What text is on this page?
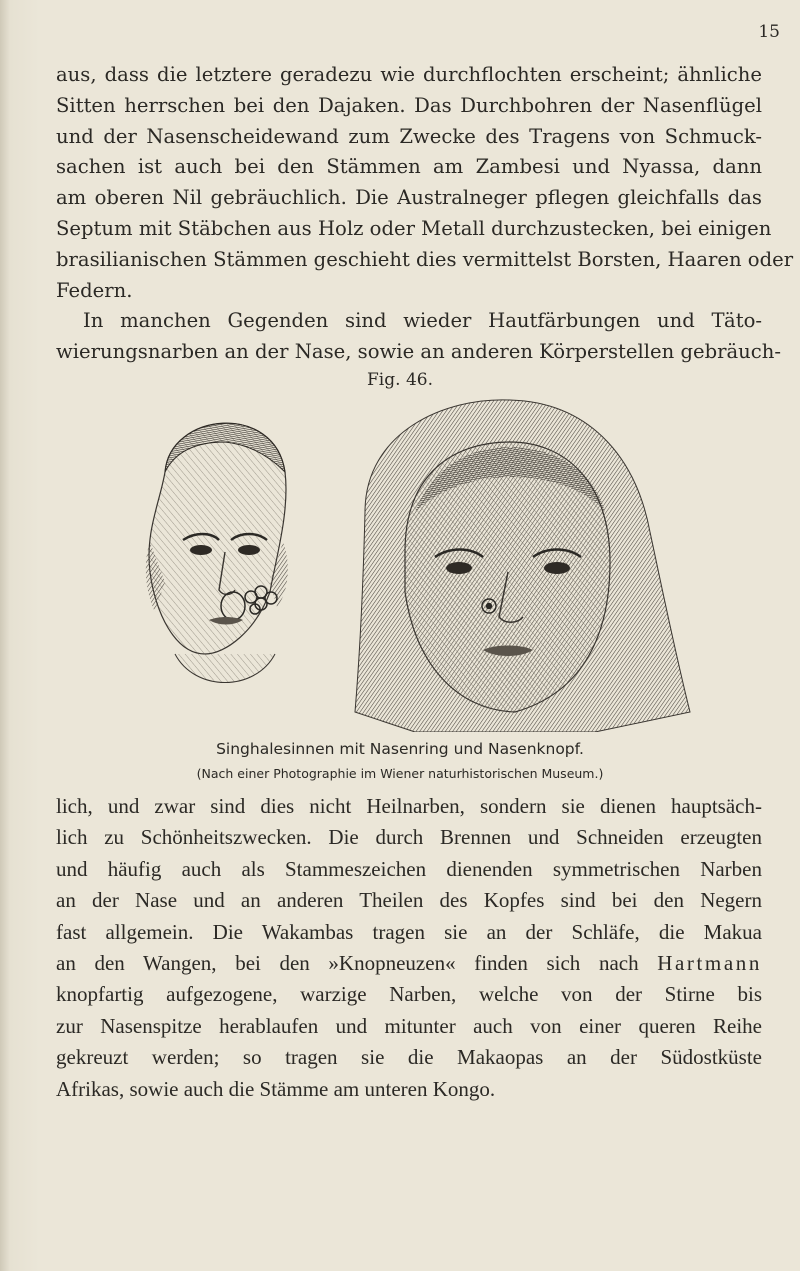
15

aus, dass die letztere geradezu wie durchflochten erscheint; ähnliche
Sitten herrschen bei den Dajaken. Das Durchbohren der Nasenflügel
und der Nasenscheidewand zum Zwecke des Tragens von Schmuck-
sachen ist auch bei den Stämmen am Zambesi und Nyassa, dann
am oberen Nil gebräuchlich. Die Australneger pflegen gleichfalls das
Septum mit Stäbchen aus Holz oder Metall durchzustecken, bei einigen
brasilianischen Stämmen geschieht dies vermittelst Borsten, Haaren oder
Federn.
In manchen Gegenden sind wieder Hautfärbungen und Täto-
wierungsnarben an der Nase, sowie an anderen Körperstellen gebräuch-

Fig. 46.
Singhalesinnen mit Nasenring und Nasenknopf.
(Nach einer Photographie im Wiener naturhistorischen Museum.)

lich, und zwar sind dies nicht Heilnarben, sondern sie dienen hauptsäch-
lich zu Schönheitszwecken. Die durch Brennen und Schneiden erzeugten
und häufig auch als Stammeszeichen dienenden symmetrischen Narben
an der Nase und an anderen Theilen des Kopfes sind bei den Negern
fast allgemein. Die Wakambas tragen sie an der Schläfe, die Makua
an den Wangen, bei den »Knopneuzen« finden sich nach Hartmann
knopfartig aufgezogene, warzige Narben, welche von der Stirne bis
zur Nasenspitze herablaufen und mitunter auch von einer queren Reihe
gekreuzt werden; so tragen sie die Makaopas an der Südostküste
Afrikas, sowie auch die Stämme am unteren Kongo.
